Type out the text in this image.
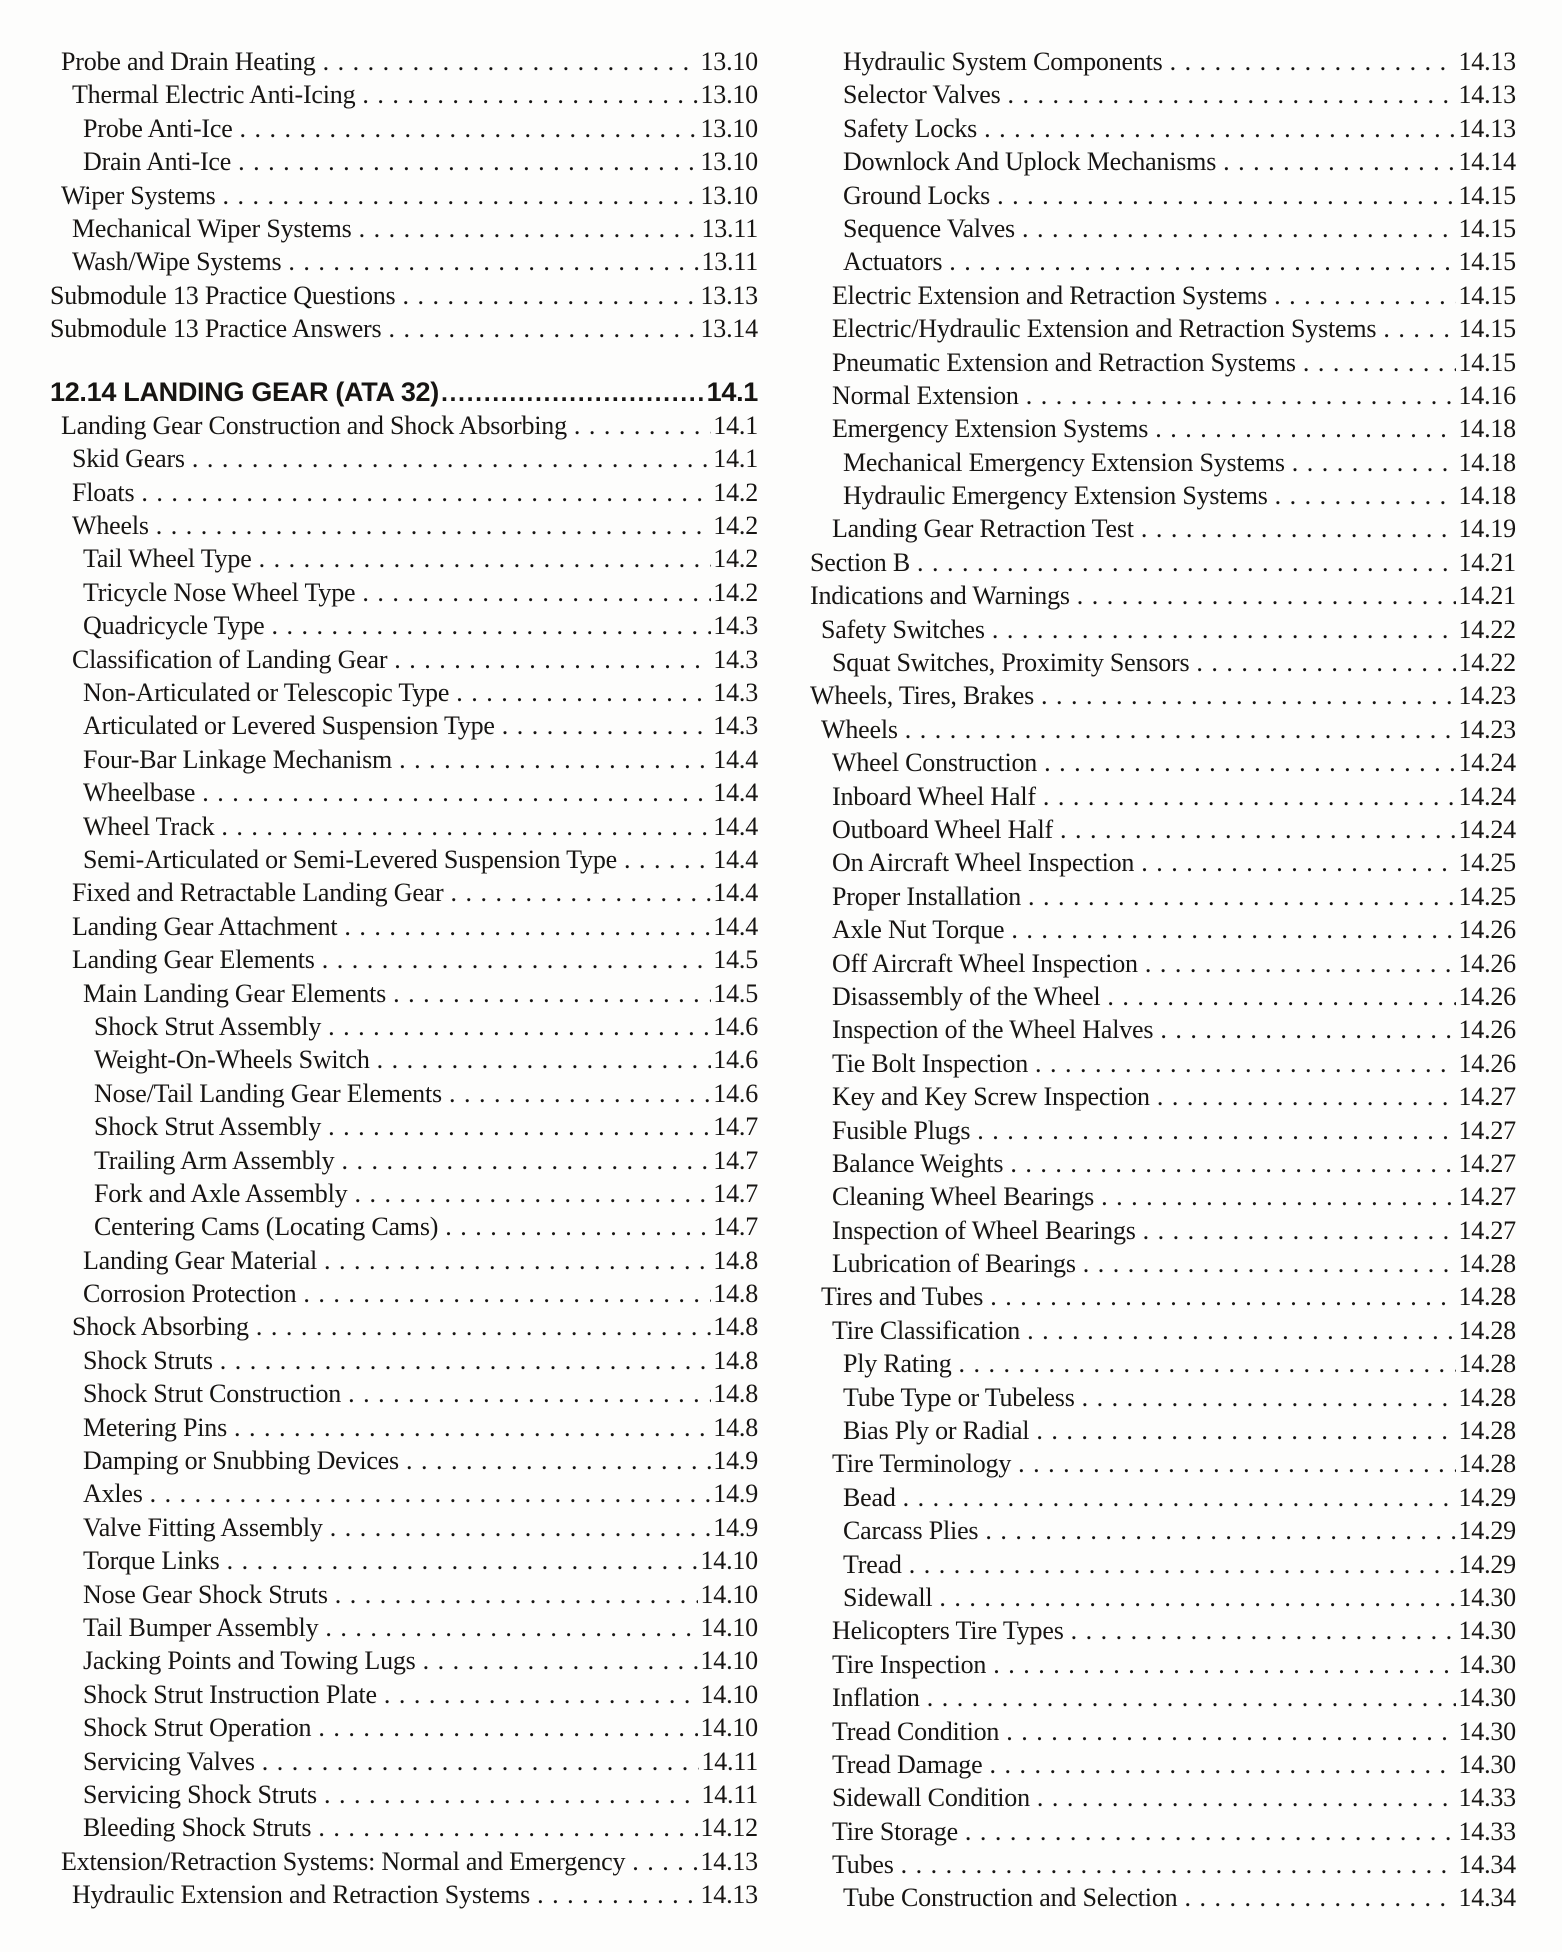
Probe and Drain Heating . . .	13.10
Thermal Electric Anti-Icing . . .	13.10
Probe Anti-Ice . . .	13.10
Drain Anti-Ice . . .	13.10
Wiper Systems . . .	13.10
Mechanical Wiper Systems . . .	13.11
Wash/Wipe Systems . . .	13.11
Submodule 13 Practice Questions . . .	13.13
Submodule 13 Practice Answers . . .	13.14
12.14 LANDING GEAR (ATA 32) .....	14.1
Landing Gear Construction and Shock Absorbing . . .	14.1
Skid Gears . . .	14.1
Floats . . .	14.2
Wheels . . .	14.2
Tail Wheel Type . . .	14.2
Tricycle Nose Wheel Type . . .	14.2
Quadricycle Type . . .	14.3
Classification of Landing Gear . . .	14.3
Non-Articulated or Telescopic Type . . .	14.3
Articulated or Levered Suspension Type . . .	14.3
Four-Bar Linkage Mechanism . . .	14.4
Wheelbase . . .	14.4
Wheel Track . . .	14.4
Semi-Articulated or Semi-Levered Suspension Type . . .	14.4
Fixed and Retractable Landing Gear . . .	14.4
Landing Gear Attachment . . .	14.4
Landing Gear Elements . . .	14.5
Main Landing Gear Elements . . .	14.5
Shock Strut Assembly . . .	14.6
Weight-On-Wheels Switch . . .	14.6
Nose/Tail Landing Gear Elements . . .	14.6
Shock Strut Assembly . . .	14.7
Trailing Arm Assembly . . .	14.7
Fork and Axle Assembly . . .	14.7
Centering Cams (Locating Cams) . . .	14.7
Landing Gear Material . . .	14.8
Corrosion Protection . . .	14.8
Shock Absorbing . . .	14.8
Shock Struts . . .	14.8
Shock Strut Construction . . .	14.8
Metering Pins . . .	14.8
Damping or Snubbing Devices . . .	14.9
Axles . . .	14.9
Valve Fitting Assembly . . .	14.9
Torque Links . . .	14.10
Nose Gear Shock Struts . . .	14.10
Tail Bumper Assembly . . .	14.10
Jacking Points and Towing Lugs . . .	14.10
Shock Strut Instruction Plate . . .	14.10
Shock Strut Operation . . .	14.10
Servicing Valves . . .	14.11
Servicing Shock Struts . . .	14.11
Bleeding Shock Struts . . .	14.12
Extension/Retraction Systems: Normal and Emergency . . .	14.13
Hydraulic Extension and Retraction Systems . . .	14.13
Hydraulic System Components . . .	14.13
Selector Valves . . .	14.13
Safety Locks . . .	14.13
Downlock And Uplock Mechanisms . . .	14.14
Ground Locks . . .	14.15
Sequence Valves . . .	14.15
Actuators . . .	14.15
Electric Extension and Retraction Systems . . .	14.15
Electric/Hydraulic Extension and Retraction Systems . . .	14.15
Pneumatic Extension and Retraction Systems . . .	14.15
Normal Extension . . .	14.16
Emergency Extension Systems . . .	14.18
Mechanical Emergency Extension Systems . . .	14.18
Hydraulic Emergency Extension Systems . . .	14.18
Landing Gear Retraction Test . . .	14.19
Section B . . .	14.21
Indications and Warnings . . .	14.21
Safety Switches . . .	14.22
Squat Switches, Proximity Sensors . . .	14.22
Wheels, Tires, Brakes . . .	14.23
Wheels . . .	14.23
Wheel Construction . . .	14.24
Inboard Wheel Half . . .	14.24
Outboard Wheel Half . . .	14.24
On Aircraft Wheel Inspection . . .	14.25
Proper Installation . . .	14.25
Axle Nut Torque . . .	14.26
Off Aircraft Wheel Inspection . . .	14.26
Disassembly of the Wheel . . .	14.26
Inspection of the Wheel Halves . . .	14.26
Tie Bolt Inspection . . .	14.26
Key and Key Screw Inspection . . .	14.27
Fusible Plugs . . .	14.27
Balance Weights . . .	14.27
Cleaning Wheel Bearings . . .	14.27
Inspection of Wheel Bearings . . .	14.27
Lubrication of Bearings . . .	14.28
Tires and Tubes . . .	14.28
Tire Classification . . .	14.28
Ply Rating . . .	14.28
Tube Type or Tubeless . . .	14.28
Bias Ply or Radial . . .	14.28
Tire Terminology . . .	14.28
Bead . . .	14.29
Carcass Plies . . .	14.29
Tread . . .	14.29
Sidewall . . .	14.30
Helicopters Tire Types . . .	14.30
Tire Inspection . . .	14.30
Inflation . . .	14.30
Tread Condition . . .	14.30
Tread Damage . . .	14.30
Sidewall Condition . . .	14.33
Tire Storage . . .	14.33
Tubes . . .	14.34
Tube Construction and Selection . . .	14.34
